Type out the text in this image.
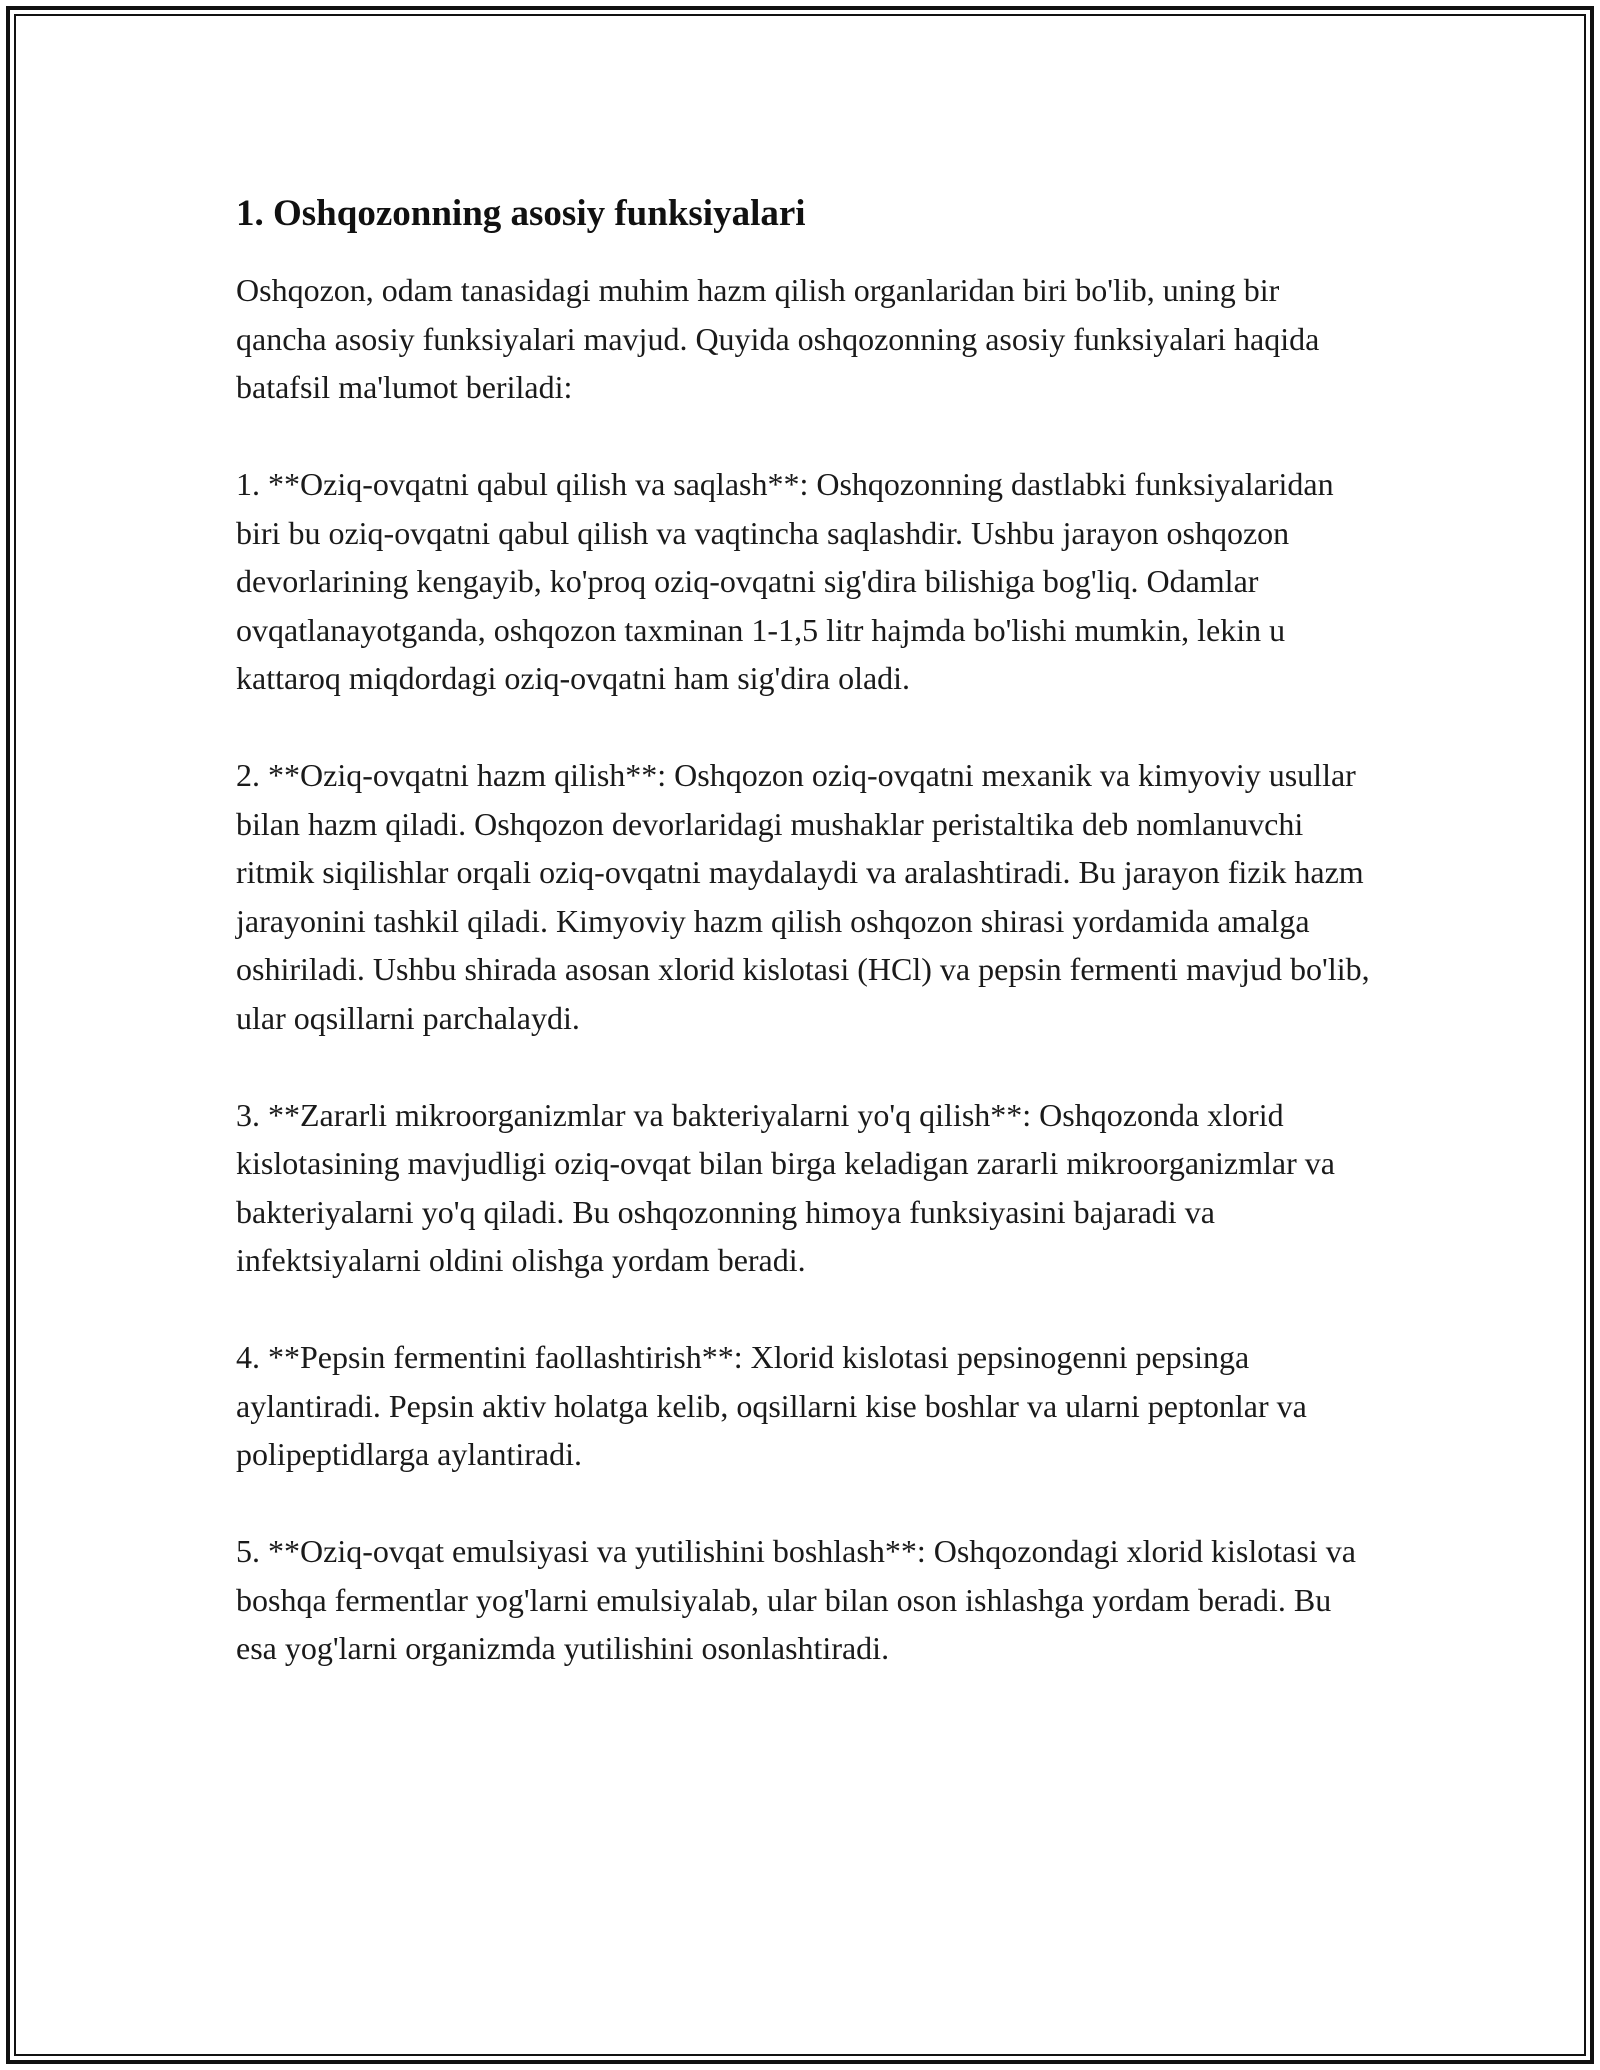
1. Oshqozonning asosiy funksiyalari

Oshqozon, odam tanasidagi muhim hazm qilish organlaridan biri bo'lib, uning bir qancha asosiy funksiyalari mavjud. Quyida oshqozonning asosiy funksiyalari haqida batafsil ma'lumot beriladi:

1. **Oziq-ovqatni qabul qilish va saqlash**: Oshqozonning dastlabki funksiyalaridan biri bu oziq-ovqatni qabul qilish va vaqtincha saqlashdir. Ushbu jarayon oshqozon devorlarining kengayib, ko'proq oziq-ovqatni sig'dira bilishiga bog'liq. Odamlar ovqatlanayotganda, oshqozon taxminan 1-1,5 litr hajmda bo'lishi mumkin, lekin u kattaroq miqdordagi oziq-ovqatni ham sig'dira oladi.

2. **Oziq-ovqatni hazm qilish**: Oshqozon oziq-ovqatni mexanik va kimyoviy usullar bilan hazm qiladi. Oshqozon devorlaridagi mushaklar peristaltika deb nomlanuvchi ritmik siqilishlar orqali oziq-ovqatni maydalaydi va aralashtiradi. Bu jarayon fizik hazm jarayonini tashkil qiladi. Kimyoviy hazm qilish oshqozon shirasi yordamida amalga oshiriladi. Ushbu shirada asosan xlorid kislotasi (HCl) va pepsin fermenti mavjud bo'lib, ular oqsillarni parchalaydi.

3. **Zararli mikroorganizmlar va bakteriyalarni yo'q qilish**: Oshqozonda xlorid kislotasining mavjudligi oziq-ovqat bilan birga keladigan zararli mikroorganizmlar va bakteriyalarni yo'q qiladi. Bu oshqozonning himoya funksiyasini bajaradi va infektsiyalarni oldini olishga yordam beradi.

4. **Pepsin fermentini faollashtirish**: Xlorid kislotasi pepsinogenni pepsinga aylantiradi. Pepsin aktiv holatga kelib, oqsillarni kise boshlar va ularni peptonlar va polipeptidlarga aylantiradi.

5. **Oziq-ovqat emulsiyasi va yutilishini boshlash**: Oshqozondagi xlorid kislotasi va boshqa fermentlar yog'larni emulsiyalab, ular bilan oson ishlashga yordam beradi. Bu esa yog'larni organizmda yutilishini osonlashtiradi.
